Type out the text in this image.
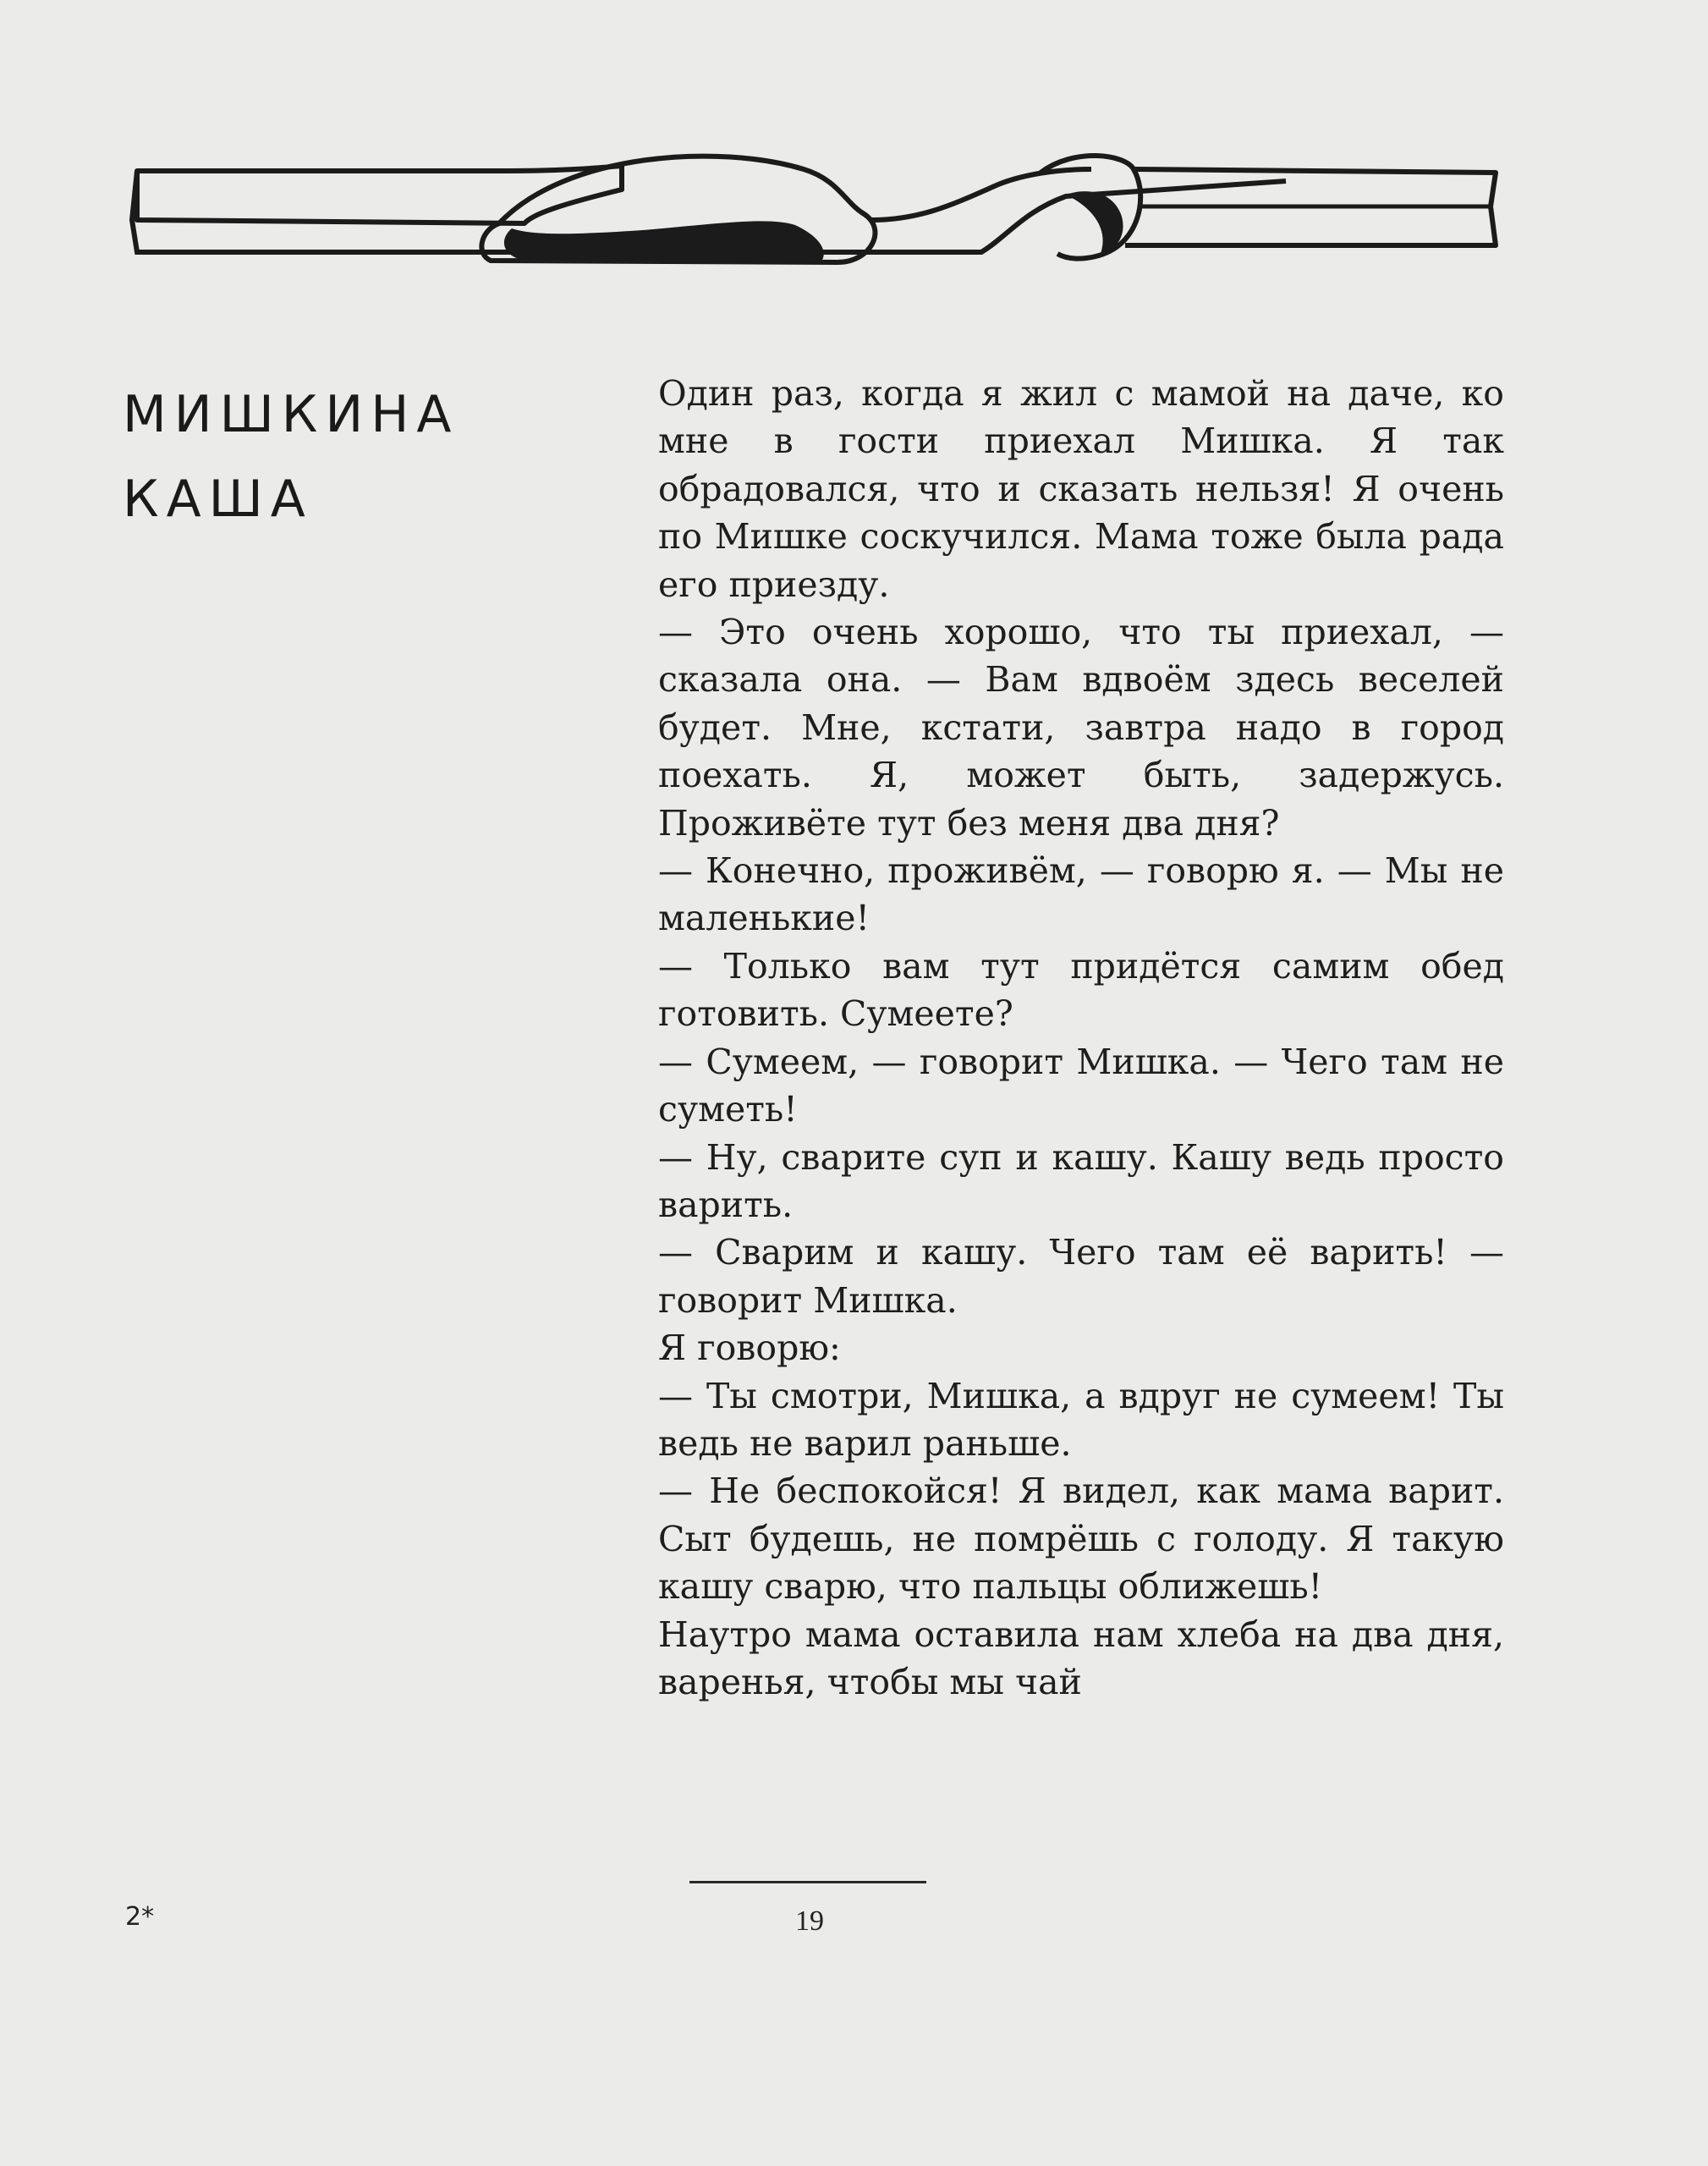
МИШКИНА
КАША

Один раз, когда я жил с мамой на даче, ко мне в гости приехал Мишка. Я так обрадовался, что и сказать нельзя! Я очень по Мишке соскучился. Мама тоже была рада его приезду.

— Это очень хорошо, что ты приехал, — сказала она. — Вам вдвоём здесь веселей будет. Мне, кстати, завтра надо в город поехать. Я, может быть, задержусь. Проживёте тут без меня два дня?

— Конечно, проживём, — говорю я. — Мы не маленькие!

— Только вам тут придётся самим обед готовить. Сумеете?

— Сумеем, — говорит Мишка. — Чего там не суметь!

— Ну, сварите суп и кашу. Кашу ведь просто варить.

— Сварим и кашу. Чего там её варить! — говорит Мишка.

Я говорю:

— Ты смотри, Мишка, а вдруг не сумеем! Ты ведь не варил раньше.

— Не беспокойся! Я видел, как мама варит. Сыт будешь, не помрёшь с голоду. Я такую кашу сварю, что пальцы оближешь!

Наутро мама оставила нам хлеба на два дня, варенья, чтобы мы чай

2*	19
